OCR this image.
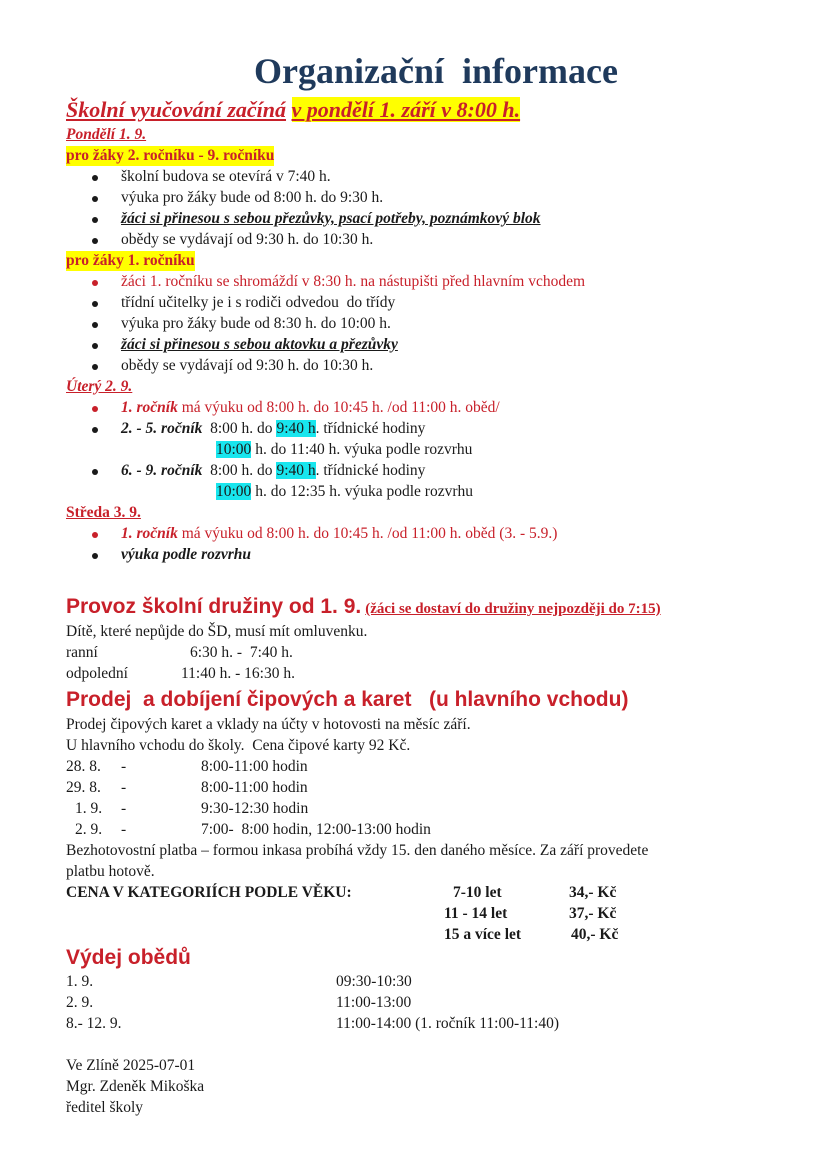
Organizační  informace
Školní vyučování začíná v pondělí 1. září v 8:00 h.
Pondělí 1. 9.
pro žáky 2. ročníku - 9. ročníku
školní budova se otevírá v 7:40 h.
výuka pro žáky bude od 8:00 h. do 9:30 h.
žáci si přinesou s sebou přezůvky, psací potřeby, poznámkový blok
obědy se vydávají od 9:30 h. do 10:30 h.
pro žáky 1. ročníku
žáci 1. ročníku se shromáždí v 8:30 h. na nástupišti před hlavním vchodem
třídní učitelky je i s rodiči odvedou  do třídy
výuka pro žáky bude od 8:30 h. do 10:00 h.
žáci si přinesou s sebou aktovku a přezůvky
obědy se vydávají od 9:30 h. do 10:30 h.
Úterý 2. 9.
1. ročník má výuku od 8:00 h. do 10:45 h. /od 11:00 h. oběd/
2. - 5. ročník  8:00 h. do 9:40 h. třídnické hodiny
10:00 h. do 11:40 h. výuka podle rozvrhu
6. - 9. ročník  8:00 h. do 9:40 h. třídnické hodiny
10:00 h. do 12:35 h. výuka podle rozvrhu
Středa 3. 9.
1. ročník má výuku od 8:00 h. do 10:45 h. /od 11:00 h. oběd (3. - 5.9.)
výuka podle rozvrhu
Provoz školní družiny od 1. 9. (žáci se dostaví do družiny nejpozději do 7:15)
Dítě, které nepůjde do ŠD, musí mít omluvenku.
ranní	6:30 h. -  7:40 h.
odpolední	11:40 h. - 16:30 h.
Prodej  a dobíjení čipových a karet   (u hlavního vchodu)
Prodej čipových karet a vklady na účty v hotovosti na měsíc září.
U hlavního vchodu do školy.  Cena čipové karty 92 Kč.
28. 8. -	8:00-11:00 hodin
29. 8. -	8:00-11:00 hodin
1. 9. -	9:30-12:30 hodin
2. 9. -	7:00-  8:00 hodin, 12:00-13:00 hodin
Bezhotovostní platba – formou inkasa probíhá vždy 15. den daného měsíce. Za září provedete
platbu hotově.
CENA V KATEGORIÍCH PODLE VĚKU:	7-10 let	34,- Kč
11 - 14 let	37,- Kč
15 a více let	40,- Kč
Výdej obědů
1. 9.	09:30-10:30
2. 9.	11:00-13:00
8.- 12. 9.	11:00-14:00 (1. ročník 11:00-11:40)
Ve Zlíně 2025-07-01
Mgr. Zdeněk Mikoška
ředitel školy
